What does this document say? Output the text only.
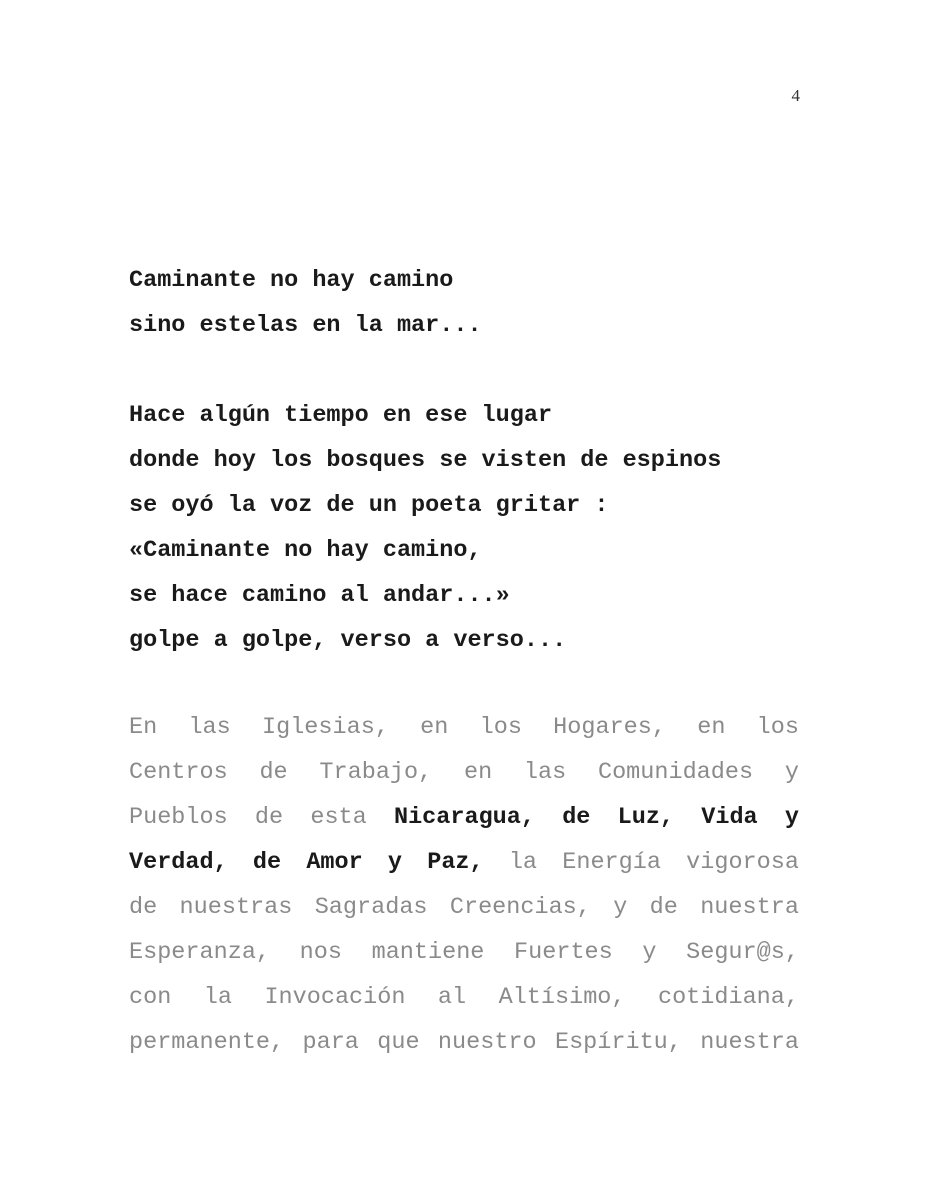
4
Caminante no hay camino
sino estelas en la mar...
Hace algún tiempo en ese lugar
donde hoy los bosques se visten de espinos
se oyó la voz de un poeta gritar :
«Caminante no hay camino,
se hace camino al andar...»
golpe a golpe, verso a verso...
En las Iglesias, en los Hogares, en los
Centros de Trabajo, en las Comunidades y
Pueblos de esta Nicaragua, de Luz, Vida y
Verdad, de Amor y Paz, la Energía vigorosa
de nuestras Sagradas Creencias, y de nuestra
Esperanza, nos mantiene Fuertes y Segur@s,
con la Invocación al Altísimo, cotidiana,
permanente, para que nuestro Espíritu, nuestra
